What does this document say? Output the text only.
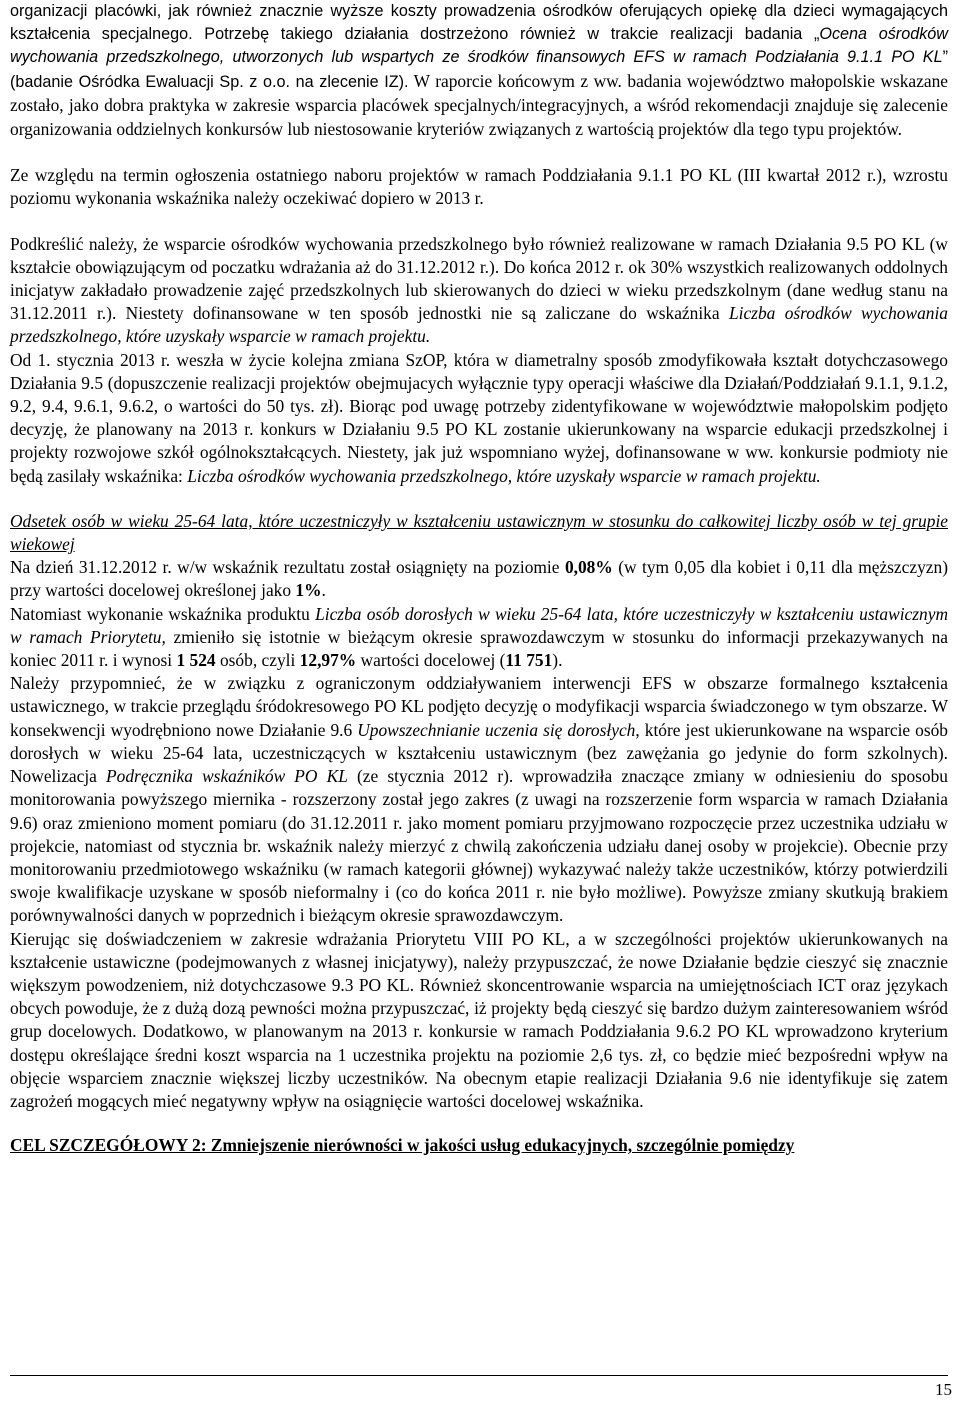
organizacji placówki, jak również znacznie wyższe koszty prowadzenia ośrodków oferujących opiekę dla dzieci wymagających kształcenia specjalnego. Potrzebę takiego działania dostrzeżono również w trakcie realizacji badania „Ocena ośrodków wychowania przedszkolnego, utworzonych lub wspartych ze środków finansowych EFS w ramach Podziałania 9.1.1 PO KL” (badanie Ośródka Ewaluacji Sp. z o.o. na zlecenie IZ). W raporcie końcowym z ww. badania województwo małopolskie wskazane zostało, jako dobra praktyka w zakresie wsparcia placówek specjalnych/integracyjnych, a wśród rekomendacji znajduje się zalecenie organizowania oddzielnych konkursów lub niestosowanie kryteriów związanych z wartością projektów dla tego typu projektów.

Ze względu na termin ogłoszenia ostatniego naboru projektów w ramach Poddziałania 9.1.1 PO KL (III kwartał 2012 r.), wzrostu poziomu wykonania wskaźnika należy oczekiwać dopiero w 2013 r.

Podkreślić należy, że wsparcie ośrodków wychowania przedszkolnego było również realizowane w ramach Działania 9.5 PO KL (w kształcie obowiązującym od poczatku wdrażania aż do 31.12.2012 r.). Do końca 2012 r. ok 30% wszystkich realizowanych oddolnych inicjatyw zakładało prowadzenie zajęć przedszkolnych lub skierowanych do dzieci w wieku przedszkolnym (dane według stanu na 31.12.2011 r.). Niestety dofinansowane w ten sposób jednostki nie są zaliczane do wskaźnika Liczba ośrodków wychowania przedszkolnego, które uzyskały wsparcie w ramach projektu.

Od 1. stycznia 2013 r. weszła w życie kolejna zmiana SzOP, która w diametralny sposób zmodyfikowała kształt dotychczasowego Działania 9.5 (dopuszczenie realizacji projektów obejmujacych wyłącznie typy operacji właściwe dla Działań/Poddziałań 9.1.1, 9.1.2, 9.2, 9.4, 9.6.1, 9.6.2, o wartości do 50 tys. zł). Biorąc pod uwagę potrzeby zidentyfikowane w województwie małopolskim podjęto decyzję, że planowany na 2013 r. konkurs w Działaniu 9.5 PO KL zostanie ukierunkowany na wsparcie edukacji przedszkolnej i projekty rozwojowe szkół ogólnokształcących. Niestety, jak już wspomniano wyżej, dofinansowane w ww. konkursie podmioty nie będą zasilały wskaźnika: Liczba ośrodków wychowania przedszkolnego, które uzyskały wsparcie w ramach projektu.

Odsetek osób w wieku 25-64 lata, które uczestniczyły w kształceniu ustawicznym w stosunku do całkowitej liczby osób w tej grupie wiekowej

Na dzień 31.12.2012 r. w/w wskaźnik rezultatu został osiągnięty na poziomie 0,08% (w tym 0,05 dla kobiet i 0,11 dla męższczyzn) przy wartości docelowej określonej jako 1%.

Natomiast wykonanie wskaźnika produktu Liczba osób dorosłych w wieku 25-64 lata, które uczestniczyły w kształceniu ustawicznym w ramach Priorytetu, zmieniło się istotnie w bieżącym okresie sprawozdawczym w stosunku do informacji przekazywanych na koniec 2011 r. i wynosi 1 524 osób, czyli 12,97% wartości docelowej (11 751).

Należy przypomnieć, że w związku z ograniczonym oddziaływaniem interwencji EFS w obszarze formalnego kształcenia ustawicznego, w trakcie przeglądu śródokresowego PO KL podjęto decyzję o modyfikacji wsparcia świadczonego w tym obszarze. W konsekwencji wyodrębniono nowe Działanie 9.6 Upowszechnianie uczenia się dorosłych, które jest ukierunkowane na wsparcie osób dorosłych w wieku 25-64 lata, uczestniczących w kształceniu ustawicznym (bez zawężania go jedynie do form szkolnych). Nowelizacja Podręcznika wskaźników PO KL (ze stycznia 2012 r). wprowadziła znaczące zmiany w odniesieniu do sposobu monitorowania powyższego miernika - rozszerzony został jego zakres (z uwagi na rozszerzenie form wsparcia w ramach Działania 9.6) oraz zmieniono moment pomiaru (do 31.12.2011 r. jako moment pomiaru przyjmowano rozpoczęcie przez uczestnika udziału w projekcie, natomiast od stycznia br. wskaźnik należy mierzyć z chwilą zakończenia udziału danej osoby w projekcie). Obecnie przy monitorowaniu przedmiotowego wskaźniku (w ramach kategorii głównej) wykazywać należy także uczestników, którzy potwierdzili swoje kwalifikacje uzyskane w sposób nieformalny i (co do końca 2011 r. nie było możliwe). Powyższe zmiany skutkują brakiem porównywalności danych w poprzednich i bieżącym okresie sprawozdawczym.

Kierując się doświadczeniem w zakresie wdrażania Priorytetu VIII PO KL, a w szczególności projektów ukierunkowanych na kształcenie ustawiczne (podejmowanych z własnej inicjatywy), należy przypuszczać, że nowe Działanie będzie cieszyć się znacznie większym powodzeniem, niż dotychczasowe 9.3 PO KL. Również skoncentrowanie wsparcia na umiejętnościach ICT oraz językach obcych powoduje, że z dużą dozą pewności można przypuszczać, iż projekty będą cieszyć się bardzo dużym zainteresowaniem wśród grup docelowych. Dodatkowo, w planowanym na 2013 r. konkursie w ramach Poddziałania 9.6.2 PO KL wprowadzono kryterium dostępu określające średni koszt wsparcia na 1 uczestnika projektu na poziomie 2,6 tys. zł, co będzie mieć bezpośredni wpływ na objęcie wsparciem znacznie większej liczby uczestników. Na obecnym etapie realizacji Działania 9.6 nie identyfikuje się zatem zagrożeń mogących mieć negatywny wpływ na osiągnięcie wartości docelowej wskaźnika.

CEL SZCZEGÓŁOWY 2: Zmniejszenie nierówności w jakości usług edukacyjnych, szczególnie pomiędzy

15
